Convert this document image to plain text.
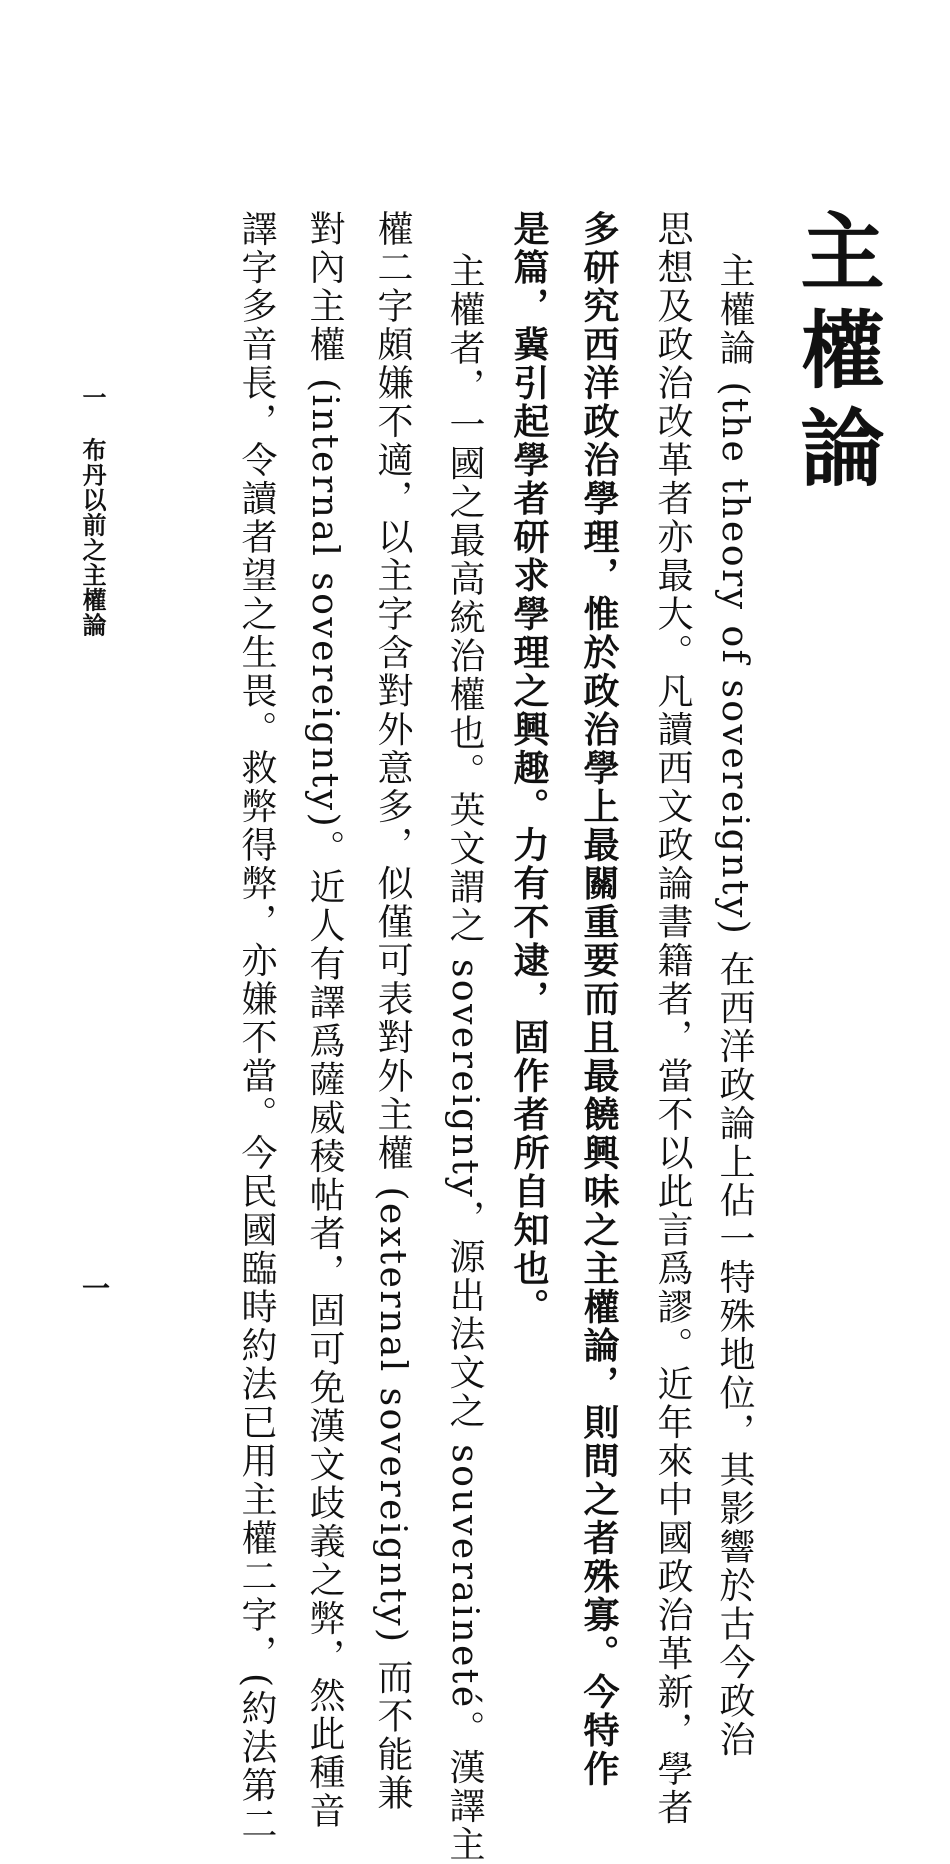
主權論
主權論 (the theory of sovereignty) 在西洋政論上佔一特殊地位，其影響於古今政治
思想及政治改革者亦最大。凡讀西文政論書籍者，當不以此言爲謬。近年來中國政治革新，學者
多研究西洋政治學理，惟於政治學上最關重要而且最饒興味之主權論，則問之者殊寡。今特作
是篇，冀引起學者研求學理之興趣。力有不逮，固作者所自知也。
主權者，一國之最高統治權也。英文謂之 sovereignty，源出法文之 souveraineté。漢譯主
權二字頗嫌不適，以主字含對外意多，似僅可表對外主權 (external sovereignty) 而不能兼
對內主權 (internal sovereignty)。近人有譯爲薩威稜帖者，固可免漢文歧義之弊，然此種音
譯字多音長，令讀者望之生畏。救弊得弊，亦嫌不當。今民國臨時約法已用主權二字，(約法第二
一 布丹以前之主權論
一
